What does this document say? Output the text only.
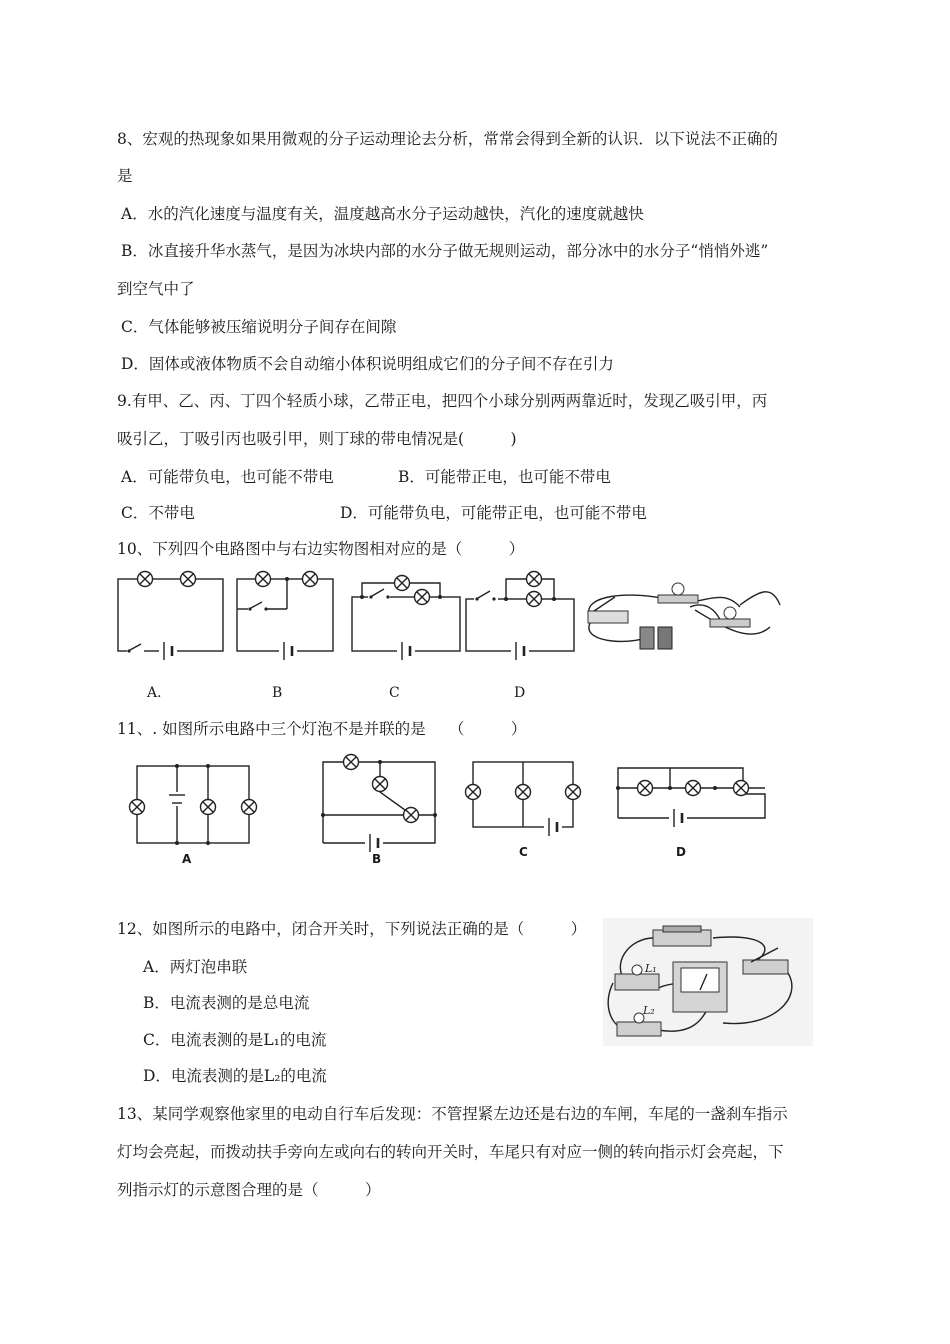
8、宏观的热现象如果用微观的分子运动理论去分析，常常会得到全新的认识．以下说法不正确的
是
A．水的汽化速度与温度有关，温度越高水分子运动越快，汽化的速度就越快
B．冰直接升华水蒸气，是因为冰块内部的水分子做无规则运动，部分冰中的水分子“悄悄外逃”
到空气中了
C．气体能够被压缩说明分子间存在间隙
D．固体或液体物质不会自动缩小体积说明组成它们的分子间不存在引力
9.有甲、乙、丙、丁四个轻质小球，乙带正电，把四个小球分别两两靠近时，发现乙吸引甲，丙
吸引乙，丁吸引丙也吸引甲，则丁球的带电情况是(　　　)
A．可能带负电，也可能不带电	B．可能带正电，也可能不带电
C．不带电	D．可能带负电，可能带正电，也可能不带电
10、下列四个电路图中与右边实物图相对应的是（　　　）
A.	B	C	D
11、. 如图所示电路中三个灯泡不是并联的是　　（　　　）
A	B	C	D
12、如图所示的电路中，闭合开关时，下列说法正确的是（　　　）
A．两灯泡串联
B．电流表测的是总电流
C．电流表测的是L₁的电流
D．电流表测的是L₂的电流
L₁
L₂
13、某同学观察他家里的电动自行车后发现：不管捏紧左边还是右边的车闸，车尾的一盏刹车指示
灯均会亮起，而拨动扶手旁向左或向右的转向开关时，车尾只有对应一侧的转向指示灯会亮起，下
列指示灯的示意图合理的是（　　　）
